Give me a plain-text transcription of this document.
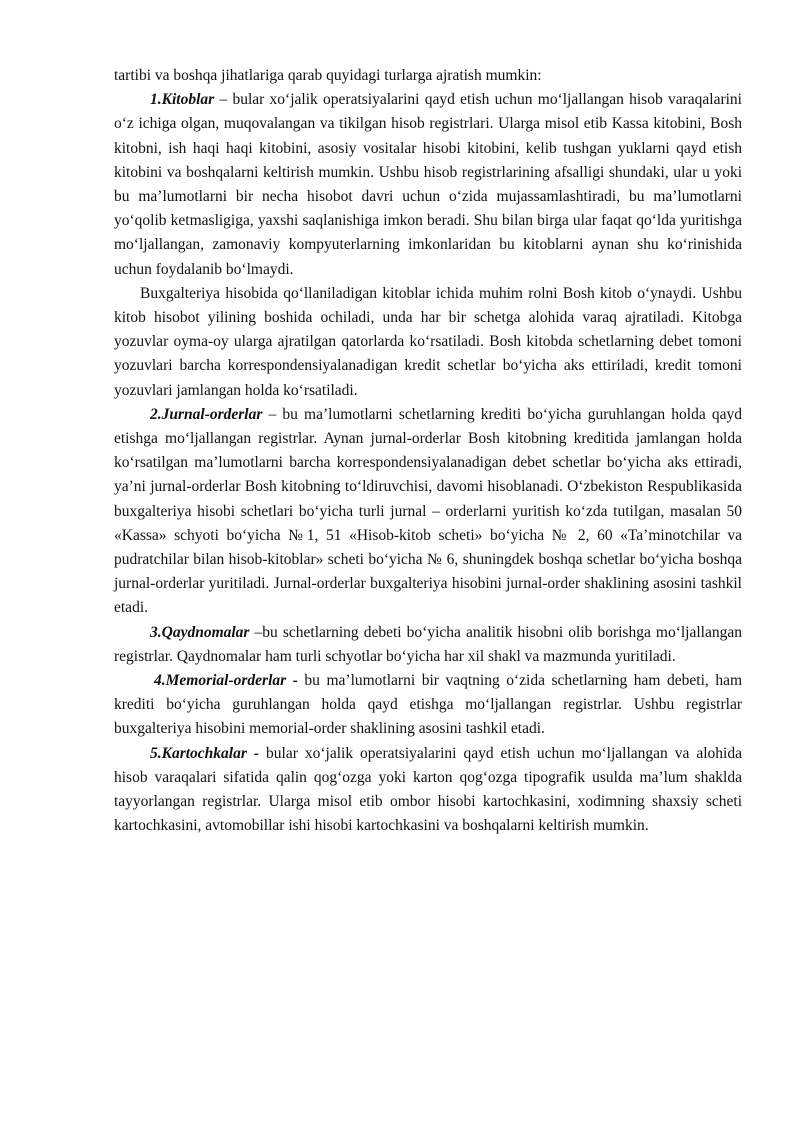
tartibi va boshqa jihatlariga qarab quyidagi turlarga ajratish mumkin:

1.Kitoblar – bular xo‘jalik operatsiyalarini qayd etish uchun mo‘ljallangan hisob varaqalarini o‘z ichiga olgan, muqovalangan va tikilgan hisob registrlari. Ularga misol etib Kassa kitobini, Bosh kitobni, ish haqi haqi kitobini, asosiy vositalar hisobi kitobini, kelib tushgan yuklarni qayd etish kitobini va boshqalarni keltirish mumkin. Ushbu hisob registrlarining afsalligi shundaki, ular u yoki bu ma’lumotlarni bir necha hisobot davri uchun o‘zida mujassamlashtiradi, bu ma’lumotlarni yo‘qolib ketmasligiga, yaxshi saqlanishiga imkon beradi. Shu bilan birga ular faqat qo‘lda yuritishga mo‘ljallangan, zamonaviy kompyuterlarning imkonlaridan bu kitoblarni aynan shu ko‘rinishida uchun foydalanib bo‘lmaydi.

Buxgalteriya hisobida qo‘llaniladigan kitoblar ichida muhim rolni Bosh kitob o‘ynaydi. Ushbu kitob hisobot yilining boshida ochiladi, unda har bir schetga alohida varaq ajratiladi. Kitobga yozuvlar oyma-oy ularga ajratilgan qatorlarda ko‘rsatiladi. Bosh kitobda schetlarning debet tomoni yozuvlari barcha korrespondensiyalanadigan kredit schetlar bo‘yicha aks ettiriladi, kredit tomoni yozuvlari jamlangan holda ko‘rsatiladi.

2.Jurnal-orderlar – bu ma’lumotlarni schetlarning krediti bo‘yicha guruhlangan holda qayd etishga mo‘ljallangan registrlar. Aynan jurnal-orderlar Bosh kitobning kreditida jamlangan holda ko‘rsatilgan ma’lumotlarni barcha korrespondensiyalanadigan debet schetlar bo‘yicha aks ettiradi, ya’ni jurnal-orderlar Bosh kitobning to‘ldiruvchisi, davomi hisoblanadi. O‘zbekiston Respublikasida buxgalteriya hisobi schetlari bo‘yicha turli jurnal – orderlarni yuritish ko‘zda tutilgan, masalan 50 «Kassa» schyoti bo‘yicha №1, 51 «Hisob-kitob scheti» bo‘yicha № 2, 60 «Ta’minotchilar va pudratchilar bilan hisob-kitoblar» scheti bo‘yicha № 6, shuningdek boshqa schetlar bo‘yicha boshqa jurnal-orderlar yuritiladi. Jurnal-orderlar buxgalteriya hisobini jurnal-order shaklining asosini tashkil etadi.

3.Qaydnomalar –bu schetlarning debeti bo‘yicha analitik hisobni olib borishga mo‘ljallangan registrlar. Qaydnomalar ham turli schyotlar bo‘yicha har xil shakl va mazmunda yuritiladi.

4.Memorial-orderlar - bu ma’lumotlarni bir vaqtning o‘zida schetlarning ham debeti, ham krediti bo‘yicha guruhlangan holda qayd etishga mo‘ljallangan registrlar. Ushbu registrlar buxgalteriya hisobini memorial-order shaklining asosini tashkil etadi.

5.Kartochkalar - bular xo‘jalik operatsiyalarini qayd etish uchun mo‘ljallangan va alohida hisob varaqalari sifatida qalin qog‘ozga yoki karton qog‘ozga tipografik usulda ma’lum shaklda tayyorlangan registrlar. Ularga misol etib ombor hisobi kartochkasini, xodimning shaxsiy scheti kartochkasini, avtomobillar ishi hisobi kartochkasini va boshqalarni keltirish mumkin.
